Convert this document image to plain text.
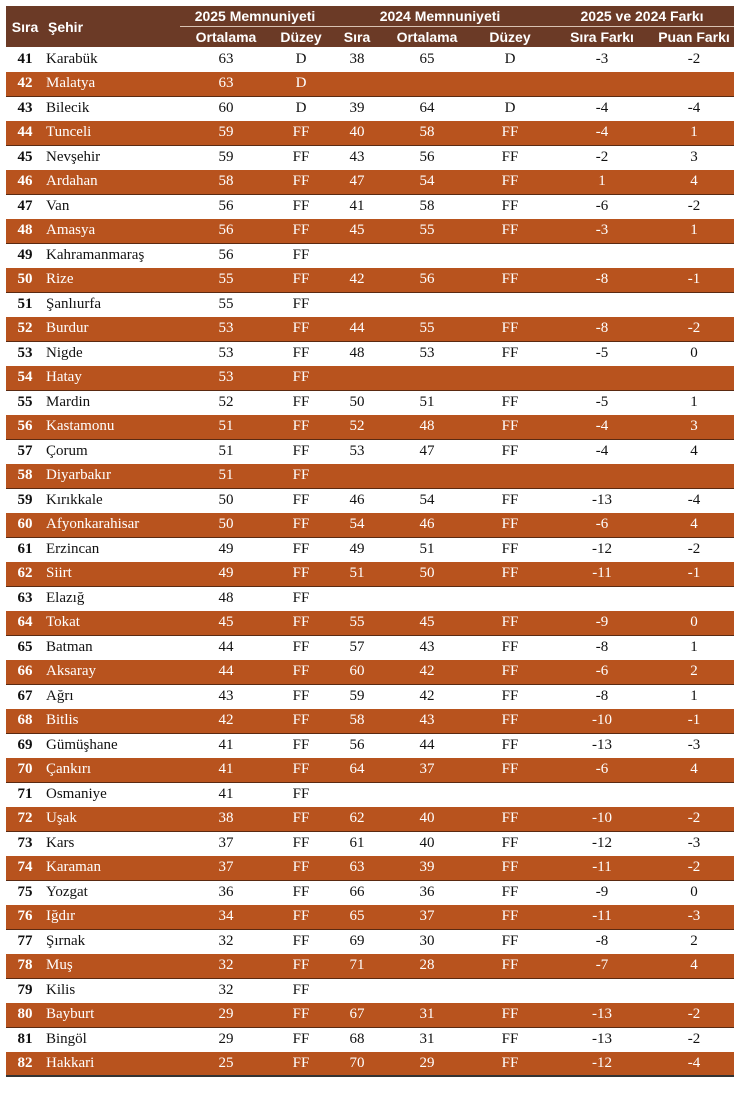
Sıra	Şehir	2025 Memnuniyeti		2024 Memnuniyeti			2025 ve 2024 Farkı	
		Ortalama	Düzey	Sıra	Ortalama	Düzey	Sıra Farkı	Puan Farkı
41	Karabük	63	D	38	65	D	-3	-2
42	Malatya	63	D					
43	Bilecik	60	D	39	64	D	-4	-4
44	Tunceli	59	FF	40	58	FF	-4	1
45	Nevşehir	59	FF	43	56	FF	-2	3
46	Ardahan	58	FF	47	54	FF	1	4
47	Van	56	FF	41	58	FF	-6	-2
48	Amasya	56	FF	45	55	FF	-3	1
49	Kahramanmaraş	56	FF					
50	Rize	55	FF	42	56	FF	-8	-1
51	Şanlıurfa	55	FF					
52	Burdur	53	FF	44	55	FF	-8	-2
53	Nigde	53	FF	48	53	FF	-5	0
54	Hatay	53	FF					
55	Mardin	52	FF	50	51	FF	-5	1
56	Kastamonu	51	FF	52	48	FF	-4	3
57	Çorum	51	FF	53	47	FF	-4	4
58	Diyarbakır	51	FF					
59	Kırıkkale	50	FF	46	54	FF	-13	-4
60	Afyonkarahisar	50	FF	54	46	FF	-6	4
61	Erzincan	49	FF	49	51	FF	-12	-2
62	Siirt	49	FF	51	50	FF	-11	-1
63	Elazığ	48	FF					
64	Tokat	45	FF	55	45	FF	-9	0
65	Batman	44	FF	57	43	FF	-8	1
66	Aksaray	44	FF	60	42	FF	-6	2
67	Ağrı	43	FF	59	42	FF	-8	1
68	Bitlis	42	FF	58	43	FF	-10	-1
69	Gümüşhane	41	FF	56	44	FF	-13	-3
70	Çankırı	41	FF	64	37	FF	-6	4
71	Osmaniye	41	FF					
72	Uşak	38	FF	62	40	FF	-10	-2
73	Kars	37	FF	61	40	FF	-12	-3
74	Karaman	37	FF	63	39	FF	-11	-2
75	Yozgat	36	FF	66	36	FF	-9	0
76	Iğdır	34	FF	65	37	FF	-11	-3
77	Şırnak	32	FF	69	30	FF	-8	2
78	Muş	32	FF	71	28	FF	-7	4
79	Kilis	32	FF					
80	Bayburt	29	FF	67	31	FF	-13	-2
81	Bingöl	29	FF	68	31	FF	-13	-2
82	Hakkari	25	FF	70	29	FF	-12	-4
